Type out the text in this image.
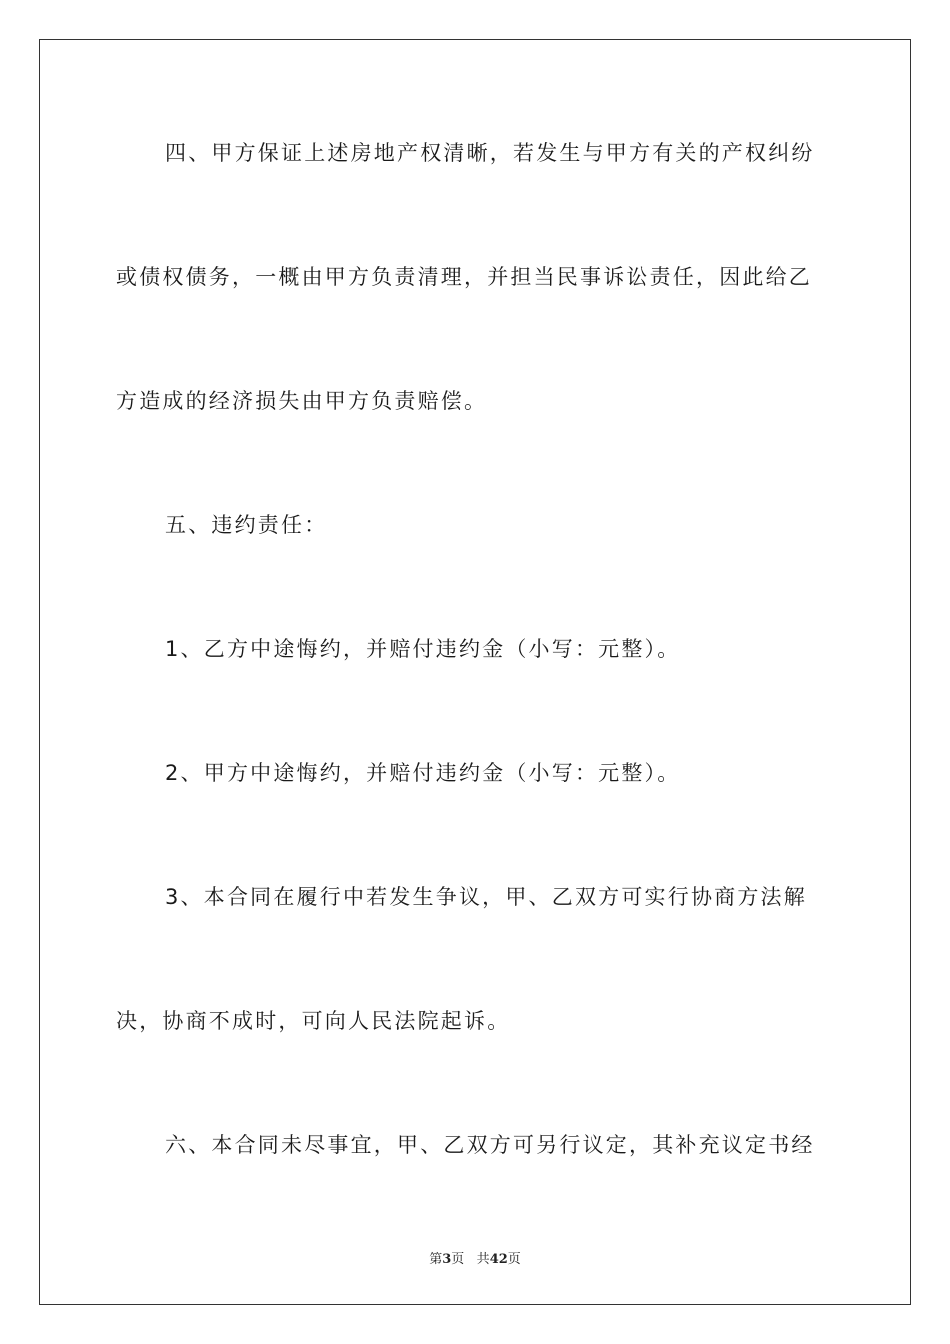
四、甲方保证上述房地产权清晰，若发生与甲方有关的产权纠纷

或债权债务，一概由甲方负责清理，并担当民事诉讼责任，因此给乙

方造成的经济损失由甲方负责赔偿。

五、违约责任：

1、乙方中途悔约，并赔付违约金（小写：元整）。

2、甲方中途悔约，并赔付违约金（小写：元整）。

3、本合同在履行中若发生争议，甲、乙双方可实行协商方法解

决，协商不成时，可向人民法院起诉。

六、本合同未尽事宜，甲、乙双方可另行议定，其补充议定书经

第3页 共42页
